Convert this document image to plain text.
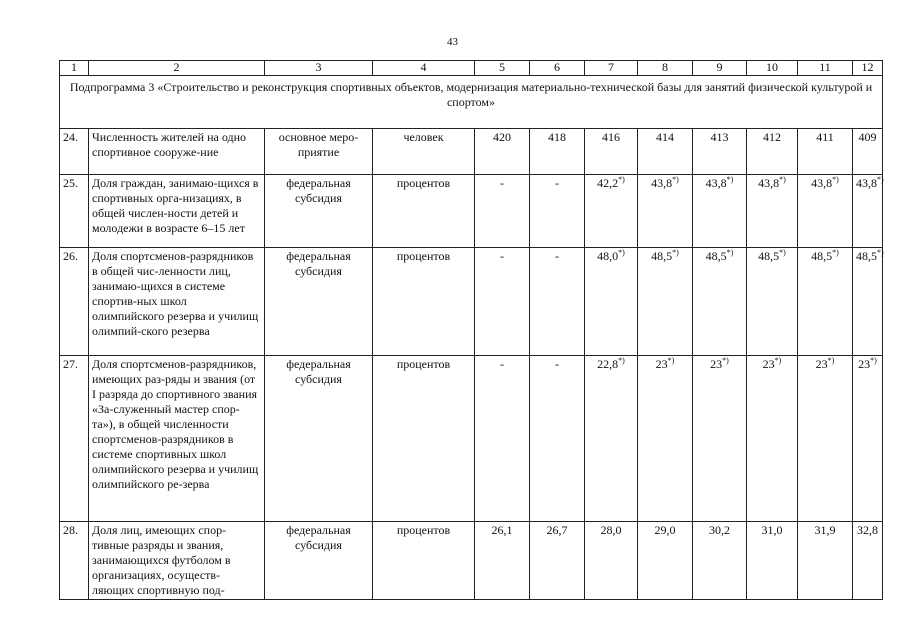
43
1	2	3	4	5	6	7	8	9	10	11	12
Подпрограмма 3 «Строительство и реконструкция спортивных объектов, модернизация материально-технической базы для занятий физической культурой и спортом»											
24.	Численность жителей на одно спортивное сооруже-ние	основное меро-приятие	человек	420	418	416	414	413	412	411	409
25.	Доля граждан, занимаю-щихся в спортивных орга-низациях, в общей числен-ности детей и молодежи в возрасте 6–15 лет	федеральная субсидия	процентов	-	-	42,2*)	43,8*)	43,8*)	43,8*)	43,8*)	43,8*)
26.	Доля спортсменов-разрядников в общей чис-ленности лиц, занимаю-щихся в системе спортив-ных школ олимпийского резерва и училищ олимпий-ского резерва	федеральная субсидия	процентов	-	-	48,0*)	48,5*)	48,5*)	48,5*)	48,5*)	48,5*)
27.	Доля спортсменов-разрядников, имеющих раз-ряды и звания (от I разряда до спортивного звания «За-служенный мастер спор-та»), в общей численности спортсменов-разрядников в системе спортивных школ олимпийского резерва и училищ олимпийского ре-зерва	федеральная субсидия	процентов	-	-	22,8*)	23*)	23*)	23*)	23*)	23*)
28.	Доля лиц, имеющих спор-тивные разряды и звания, занимающихся футболом в организациях, осуществ-ляющих спортивную под-	федеральная субсидия	процентов	26,1	26,7	28,0	29,0	30,2	31,0	31,9	32,8
